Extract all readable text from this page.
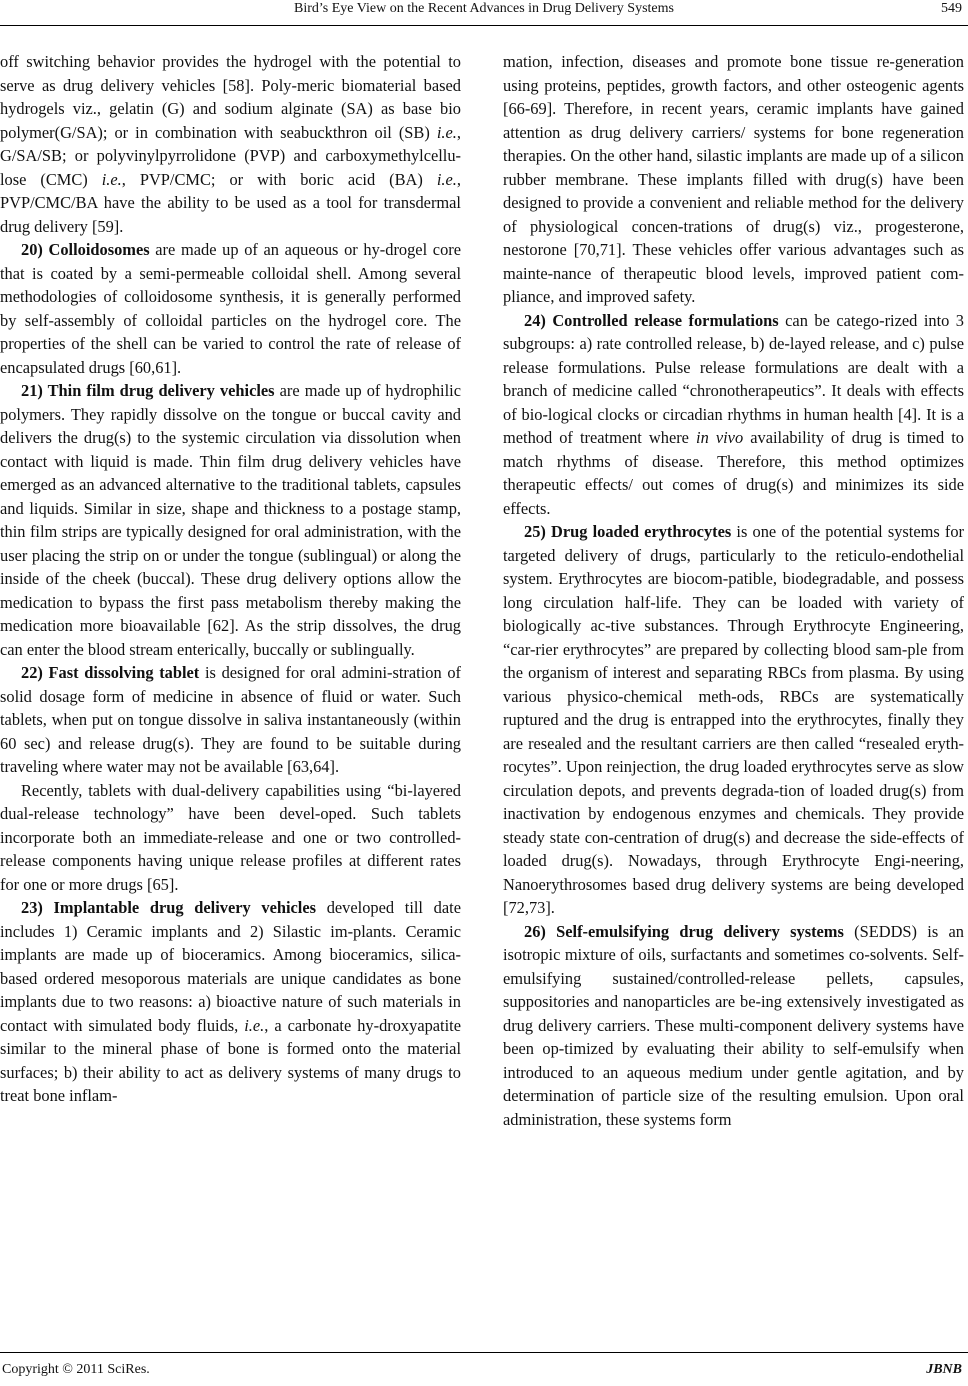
Bird’s Eye View on the Recent Advances in Drug Delivery Systems	549

off switching behavior provides the hydrogel with the potential to serve as drug delivery vehicles [58]. Poly-meric biomaterial based hydrogels viz., gelatin (G) and sodium alginate (SA) as base bio polymer(G/SA); or in combination with seabuckthron oil (SB) i.e., G/SA/SB; or polyvinylpyrrolidone (PVP) and carboxymethylcellu-lose (CMC) i.e., PVP/CMC; or with boric acid (BA) i.e., PVP/CMC/BA have the ability to be used as a tool for transdermal drug delivery [59].

20) Colloidosomes are made up of an aqueous or hy-drogel core that is coated by a semi-permeable colloidal shell. Among several methodologies of colloidosome synthesis, it is generally performed by self-assembly of colloidal particles on the hydrogel core. The properties of the shell can be varied to control the rate of release of encapsulated drugs [60,61].

21) Thin film drug delivery vehicles are made up of hydrophilic polymers. They rapidly dissolve on the tongue or buccal cavity and delivers the drug(s) to the systemic circulation via dissolution when contact with liquid is made. Thin film drug delivery vehicles have emerged as an advanced alternative to the traditional tablets, capsules and liquids. Similar in size, shape and thickness to a postage stamp, thin film strips are typically designed for oral administration, with the user placing the strip on or under the tongue (sublingual) or along the inside of the cheek (buccal). These drug delivery options allow the medication to bypass the first pass metabolism thereby making the medication more bioavailable [62]. As the strip dissolves, the drug can enter the blood stream enterically, buccally or sublingually.

22) Fast dissolving tablet is designed for oral admini-stration of solid dosage form of medicine in absence of fluid or water. Such tablets, when put on tongue dissolve in saliva instantaneously (within 60 sec) and release drug(s). They are found to be suitable during traveling where water may not be available [63,64].

Recently, tablets with dual-delivery capabilities using “bi-layered dual-release technology” have been devel-oped. Such tablets incorporate both an immediate-release and one or two controlled-release components having unique release profiles at different rates for one or more drugs [65].

23) Implantable drug delivery vehicles developed till date includes 1) Ceramic implants and 2) Silastic im-plants. Ceramic implants are made up of bioceramics. Among bioceramics, silica-based ordered mesoporous materials are unique candidates as bone implants due to two reasons: a) bioactive nature of such materials in contact with simulated body fluids, i.e., a carbonate hy-droxyapatite similar to the mineral phase of bone is formed onto the material surfaces; b) their ability to act as delivery systems of many drugs to treat bone inflam-

mation, infection, diseases and promote bone tissue re-generation using proteins, peptides, growth factors, and other osteogenic agents [66-69]. Therefore, in recent years, ceramic implants have gained attention as drug delivery carriers/ systems for bone regeneration therapies. On the other hand, silastic implants are made up of a silicon rubber membrane. These implants filled with drug(s) have been designed to provide a convenient and reliable method for the delivery of physiological concen-trations of drug(s) viz., progesterone, nestorone [70,71]. These vehicles offer various advantages such as mainte-nance of therapeutic blood levels, improved patient com-pliance, and improved safety.

24) Controlled release formulations can be catego-rized into 3 subgroups: a) rate controlled release, b) de-layed release, and c) pulse release formulations. Pulse release formulations are dealt with a branch of medicine called “chronotherapeutics”. It deals with effects of bio-logical clocks or circadian rhythms in human health [4]. It is a method of treatment where in vivo availability of drug is timed to match rhythms of disease. Therefore, this method optimizes therapeutic effects/ out comes of drug(s) and minimizes its side effects.

25) Drug loaded erythrocytes is one of the potential systems for targeted delivery of drugs, particularly to the reticulo-endothelial system. Erythrocytes are biocom-patible, biodegradable, and possess long circulation half-life. They can be loaded with variety of biologically ac-tive substances. Through Erythrocyte Engineering, “car-rier erythrocytes” are prepared by collecting blood sam-ple from the organism of interest and separating RBCs from plasma. By using various physico-chemical meth-ods, RBCs are systematically ruptured and the drug is entrapped into the erythrocytes, finally they are resealed and the resultant carriers are then called “resealed eryth-rocytes”. Upon reinjection, the drug loaded erythrocytes serve as slow circulation depots, and prevents degrada-tion of loaded drug(s) from inactivation by endogenous enzymes and chemicals. They provide steady state con-centration of drug(s) and decrease the side-effects of loaded drug(s). Nowadays, through Erythrocyte Engi-neering, Nanoerythrosomes based drug delivery systems are being developed [72,73].

26) Self-emulsifying drug delivery systems (SEDDS) is an isotropic mixture of oils, surfactants and sometimes co-solvents. Self-emulsifying sustained/controlled-release pellets, capsules, suppositories and nanoparticles are be-ing extensively investigated as drug delivery carriers. These multi-component delivery systems have been op-timized by evaluating their ability to self-emulsify when introduced to an aqueous medium under gentle agitation, and by determination of particle size of the resulting emulsion. Upon oral administration, these systems form

Copyright © 2011 SciRes.	JBNB
